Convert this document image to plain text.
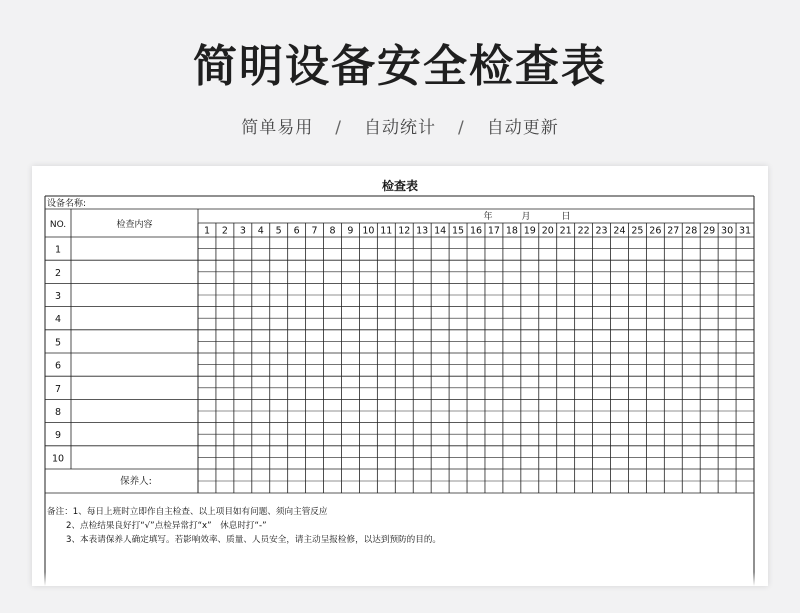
简明设备安全检查表
简单易用 / 自动统计 / 自动更新
检查表
设备名称:
NO.	检查内容
年	月	日
1 2 3 4 5 6 7 8 9 10 11 12 13 14 15 16 17 18 19 20 21 22 23 24 25 26 27 28 29 30 31
1
2
3
4
5
6
7
8
9
10
保养人:
备注：1、每日上班时立即作自主检查、以上项目如有问题、须向主管反应
2、点检结果良好打“√”点检异常打“x”　休息时打“-”
3、本表请保养人确定填写。若影响效率、质量、人员安全，请主动呈报检修，以达到预防的目的。
